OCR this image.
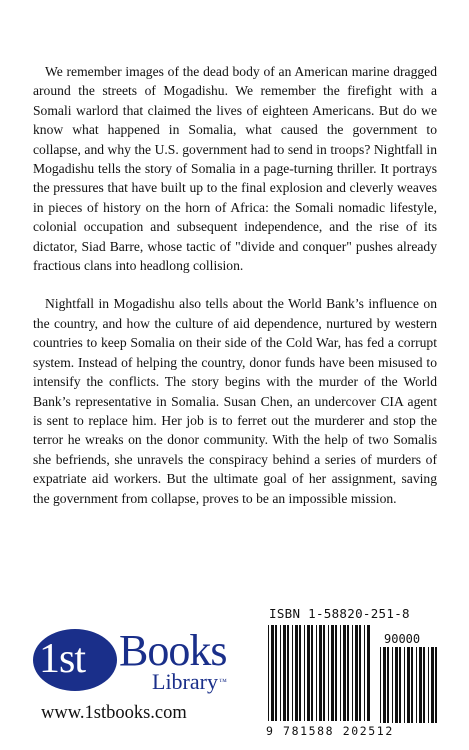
We remember images of the dead body of an American marine dragged around the streets of Mogadishu. We remember the firefight with a Somali warlord that claimed the lives of eighteen Americans. But do we know what happened in Somalia, what caused the government to collapse, and why the U.S. government had to send in troops? Nightfall in Mogadishu tells the story of Somalia in a page-turning thriller. It portrays the pressures that have built up to the final explosion and cleverly weaves in pieces of history on the horn of Africa: the Somali nomadic lifestyle, colonial occupation and subsequent independence, and the rise of its dictator, Siad Barre, whose tactic of "divide and conquer" pushes already fractious clans into headlong collision.

Nightfall in Mogadishu also tells about the World Bank’s influence on the country, and how the culture of aid dependence, nurtured by western countries to keep Somalia on their side of the Cold War, has fed a corrupt system. Instead of helping the country, donor funds have been misused to intensify the conflicts. The story begins with the murder of the World Bank’s representative in Somalia. Susan Chen, an undercover CIA agent is sent to replace him. Her job is to ferret out the murderer and stop the terror he wreaks on the donor community. With the help of two Somalis she befriends, she unravels the conspiracy behind a series of murders of expatriate aid workers. But the ultimate goal of her assignment, saving the government from collapse, proves to be an impossible mission.

1st Books
Library™
www.1stbooks.com
ISBN 1-58820-251-8
90000
9 781588 202512
